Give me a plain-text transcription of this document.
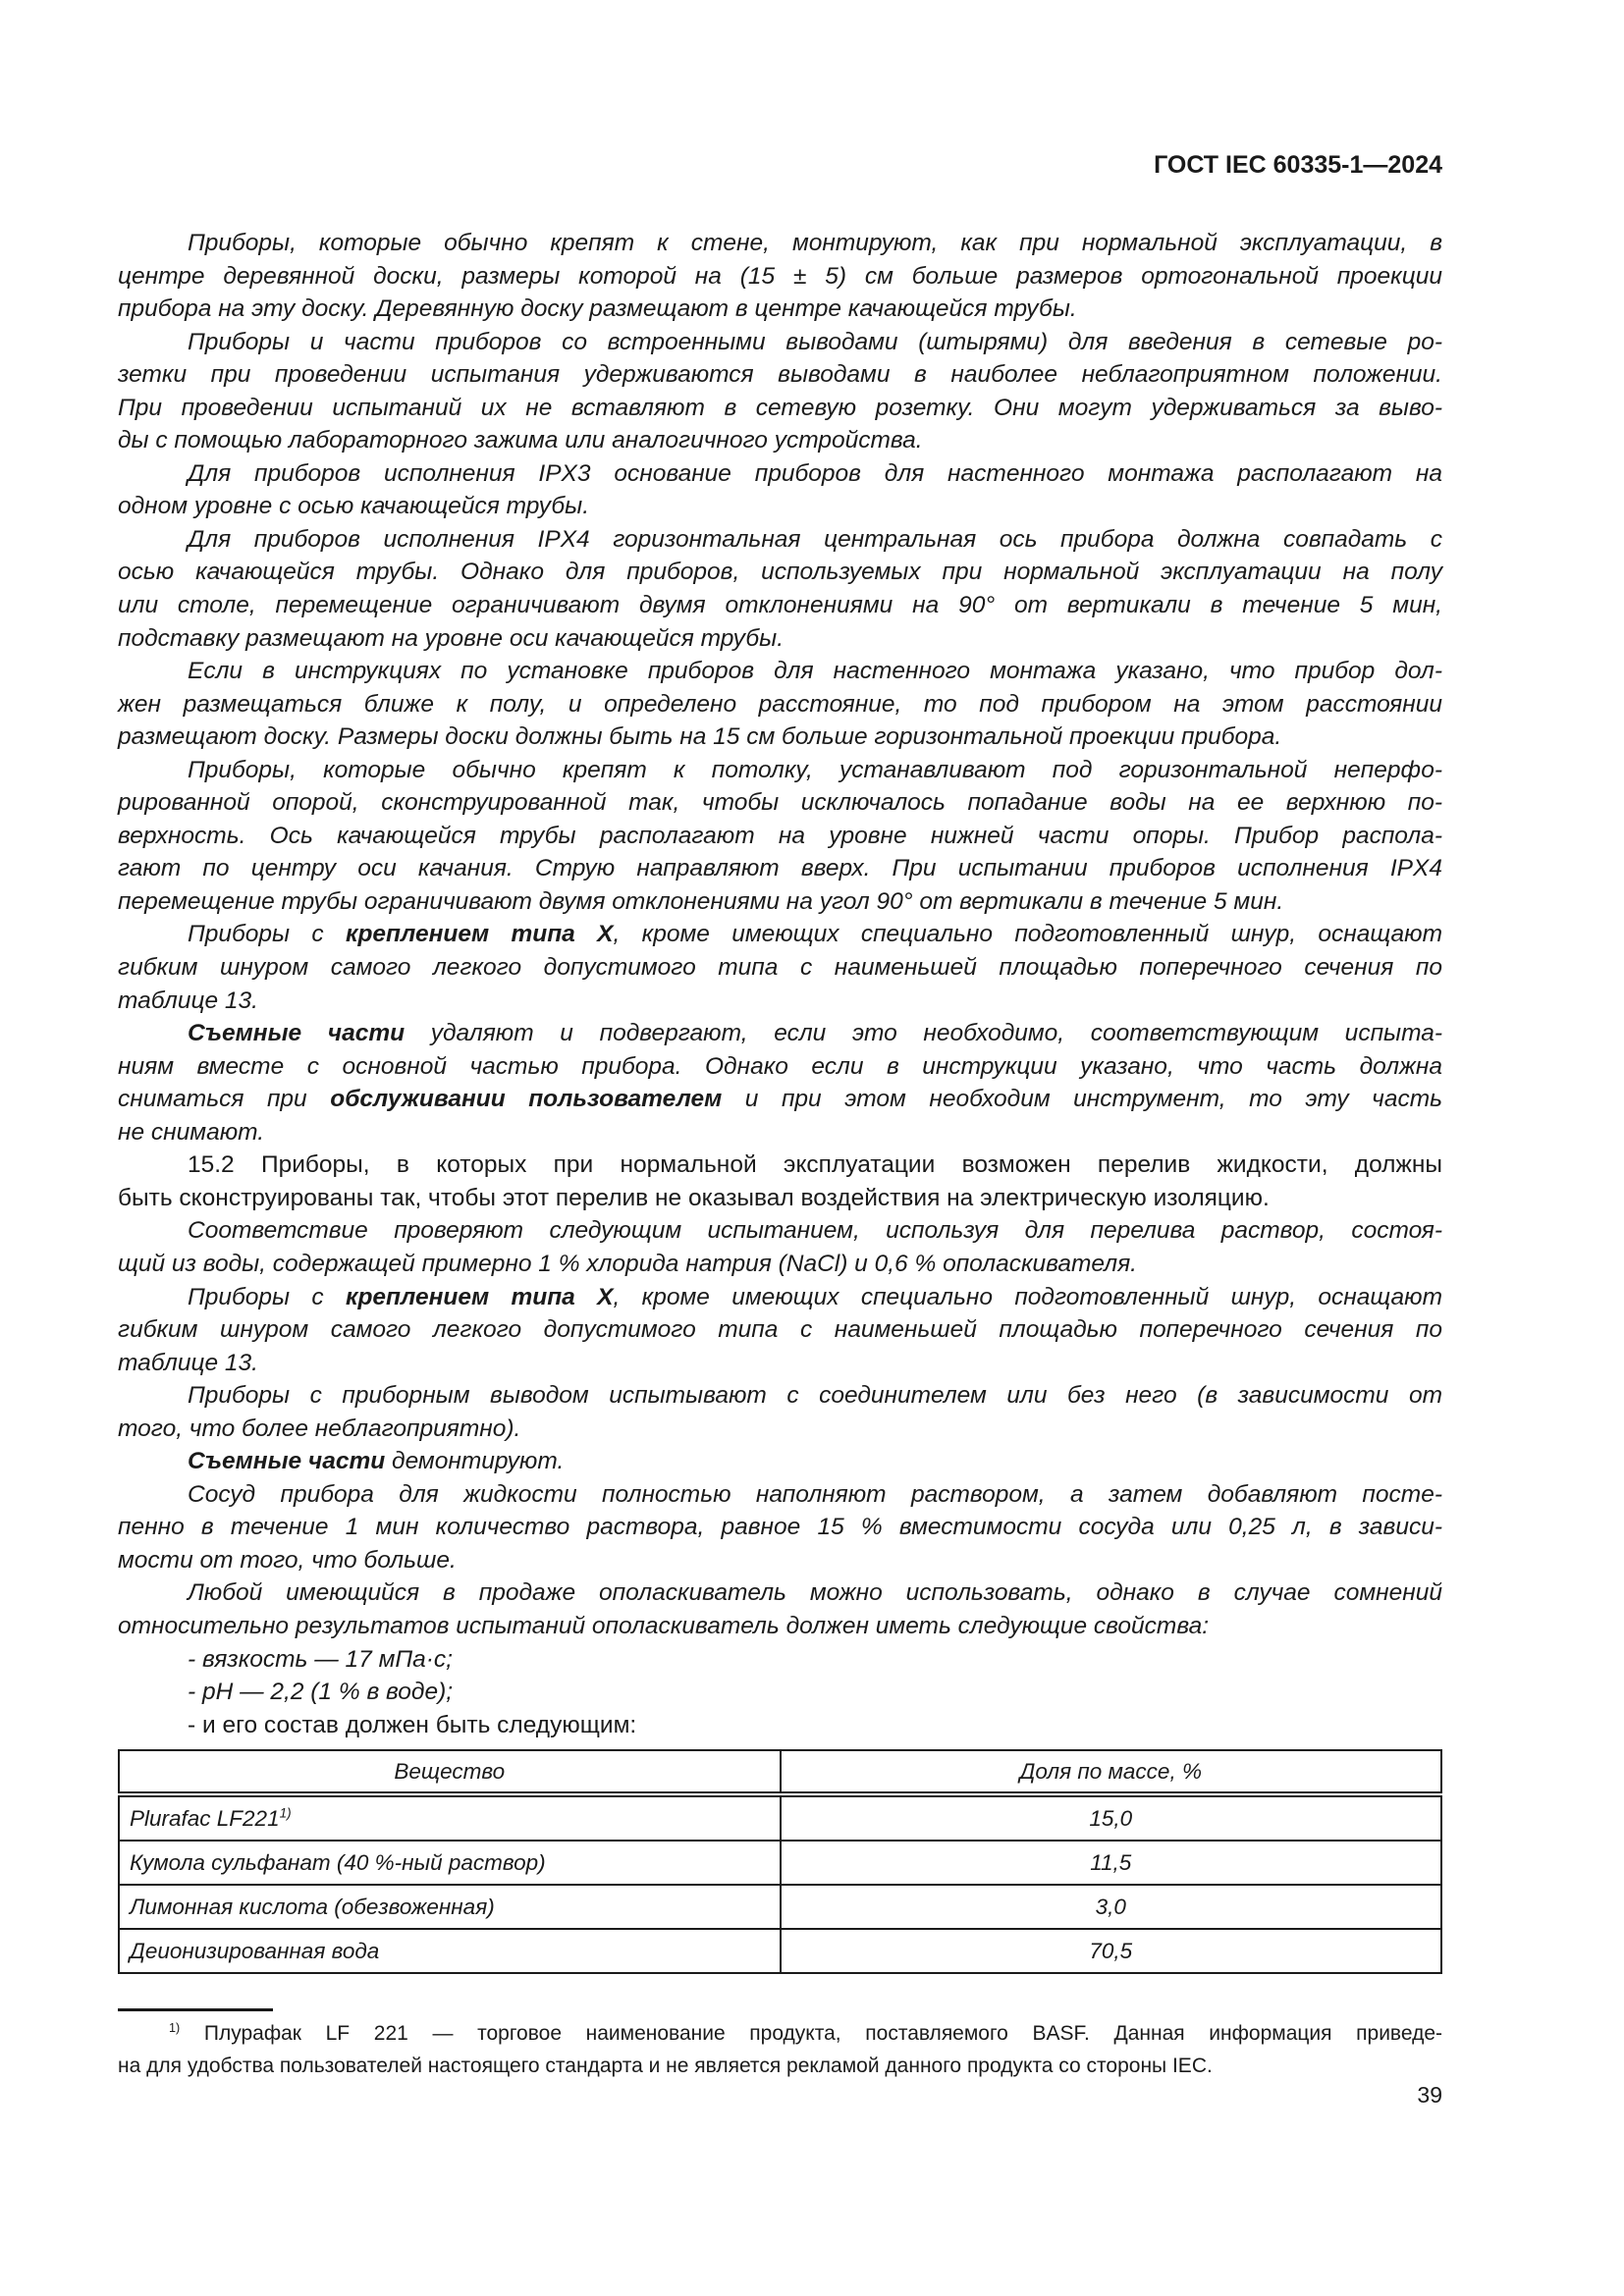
ГОСТ IEC 60335-1—2024
Приборы, которые обычно крепят к стене, монтируют, как при нормальной эксплуатации, в
центре деревянной доски, размеры которой на (15 ± 5) см больше размеров ортогональной проекции
прибора на эту доску. Деревянную доску размещают в центре качающейся трубы.
Приборы и части приборов со встроенными выводами (штырями) для введения в сетевые ро-
зетки при проведении испытания удерживаются выводами в наиболее неблагоприятном положении.
При проведении испытаний их не вставляют в сетевую розетку. Они могут удерживаться за выво-
ды с помощью лабораторного зажима или аналогичного устройства.
Для приборов исполнения IPX3 основание приборов для настенного монтажа располагают на
одном уровне с осью качающейся трубы.
Для приборов исполнения IPX4 горизонтальная центральная ось прибора должна совпадать с
осью качающейся трубы. Однако для приборов, используемых при нормальной эксплуатации на полу
или столе, перемещение ограничивают двумя отклонениями на 90° от вертикали в течение 5 мин,
подставку размещают на уровне оси качающейся трубы.
Если в инструкциях по установке приборов для настенного монтажа указано, что прибор дол-
жен размещаться ближе к полу, и определено расстояние, то под прибором на этом расстоянии
размещают доску. Размеры доски должны быть на 15 см больше горизонтальной проекции прибора.
Приборы, которые обычно крепят к потолку, устанавливают под горизонтальной неперфо-
рированной опорой, сконструированной так, чтобы исключалось попадание воды на ее верхнюю по-
верхность. Ось качающейся трубы располагают на уровне нижней части опоры. Прибор распола-
гают по центру оси качания. Струю направляют вверх. При испытании приборов исполнения IPX4
перемещение трубы ограничивают двумя отклонениями на угол 90° от вертикали в течение 5 мин.
Приборы с креплением типа X, кроме имеющих специально подготовленный шнур, оснащают
гибким шнуром самого легкого допустимого типа с наименьшей площадью поперечного сечения по
таблице 13.
Съемные части удаляют и подвергают, если это необходимо, соответствующим испыта-
ниям вместе с основной частью прибора. Однако если в инструкции указано, что часть должна
сниматься при обслуживании пользователем и при этом необходим инструмент, то эту часть
не снимают.
15.2 Приборы, в которых при нормальной эксплуатации возможен перелив жидкости, должны
быть сконструированы так, чтобы этот перелив не оказывал воздействия на электрическую изоляцию.
Соответствие проверяют следующим испытанием, используя для перелива раствор, состоя-
щий из воды, содержащей примерно 1 % хлорида натрия (NaCl) и 0,6 % ополаскивателя.
Приборы с креплением типа X, кроме имеющих специально подготовленный шнур, оснащают
гибким шнуром самого легкого допустимого типа с наименьшей площадью поперечного сечения по
таблице 13.
Приборы с приборным выводом испытывают с соединителем или без него (в зависимости от
того, что более неблагоприятно).
Съемные части демонтируют.
Сосуд прибора для жидкости полностью наполняют раствором, а затем добавляют посте-
пенно в течение 1 мин количество раствора, равное 15 % вместимости сосуда или 0,25 л, в зависи-
мости от того, что больше.
Любой имеющийся в продаже ополаскиватель можно использовать, однако в случае сомнений
относительно результатов испытаний ополаскиватель должен иметь следующие свойства:
- вязкость — 17 мПа·с;
- pH — 2,2 (1 % в воде);
- и его состав должен быть следующим:
Вещество	Доля по массе, %
Plurafac LF221$^{1)}$	15,0
Кумола сульфанат (40 %-ный раствор)	11,5
Лимонная кислота (обезвоженная)	3,0
Деионизированная вода	70,5
$^{1)}$ Плурафак LF 221 — торговое наименование продукта, поставляемого BASF. Данная информация приведе-
на для удобства пользователей настоящего стандарта и не является рекламой данного продукта со стороны IEC.
39
